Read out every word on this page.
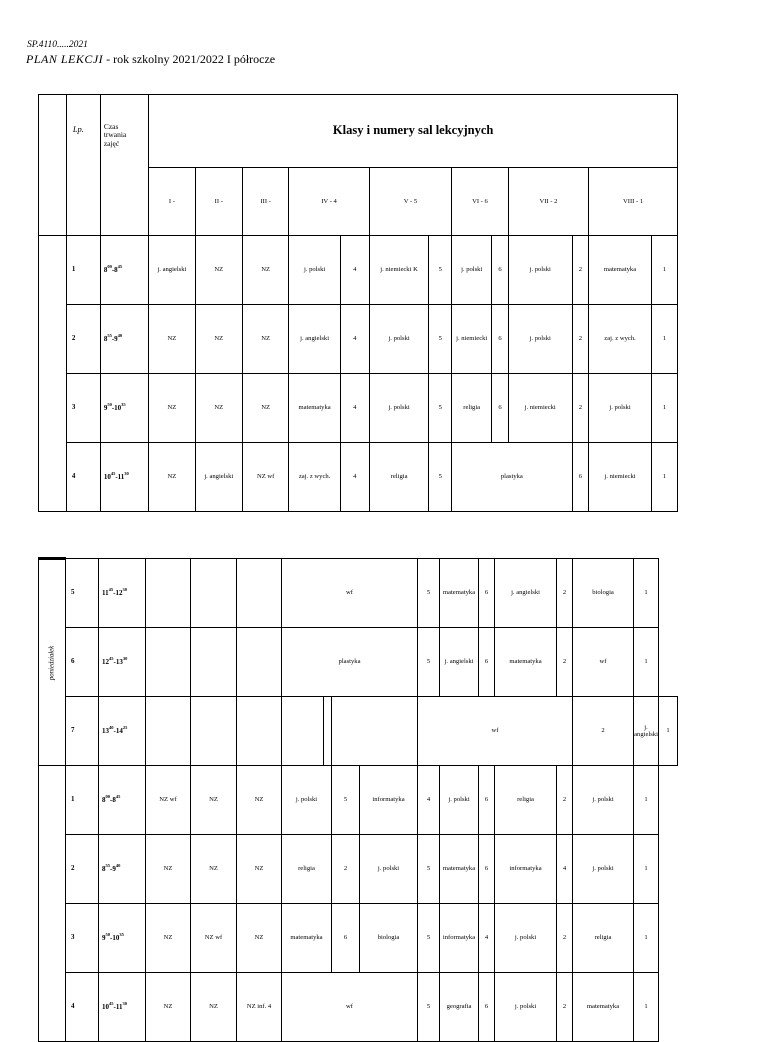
SP.4110.....2021
PLAN LEKCJI - rok szkolny 2021/2022 I półrocze
	Lp.	Czas
trwania
zajęć	Klasy i numery sal lekcyjnych												
			I -	II -	III -	IV - 4		V - 5		VI - 6		VII - 2		VIII - 1	
	1	$8^{00}-8^{45}$	j. angielski	NZ	NZ	j. polski	4	j. niemiecki K	5	j. polski	6	j. polski	2	matematyka	1
	2	$8^{55}-9^{40}$	NZ	NZ	NZ	j. angielski	4	j. polski	5	j. niemiecki	6	j. polski	2	zaj. z wych.	1
	3	$9^{50}-10^{35}$	NZ	NZ	NZ	matematyka	4	j. polski	5	religia	6	j. niemiecki	2	j. polski	1
	4	$10^{45}-11^{30}$	NZ	j. angielski	NZ wf	zaj. z wych.	4	religia	5	plastyka			6	j. niemiecki	1
poniedziałek	5	$11^{45}-12^{30}$				wf				5	matematyka	6	j. angielski	2	biologia	1	
	6	$12^{45}-13^{30}$				plastyka				5	j. angielski	6	matematyka	2	wf	1	
	7	$13^{40}-14^{25}$								wf					2	j. angielski	1
	1	$8^{00}-8^{45}$	NZ wf	NZ	NZ	j. polski		5	informatyka	4	j. polski	6	religia	2	j. polski	1	
	2	$8^{55}-9^{40}$	NZ	NZ	NZ	religia		2	j. polski	5	matematyka	6	informatyka	4	j. polski	1	
	3	$9^{50}-10^{35}$	NZ	NZ wf	NZ	matematyka		6	biologia	5	informatyka	4	j. polski	2	religia	1	
	4	$10^{45}-11^{30}$	NZ	NZ	NZ inf. 4	wf				5	geografia	6	j. polski	2	matematyka	1	
